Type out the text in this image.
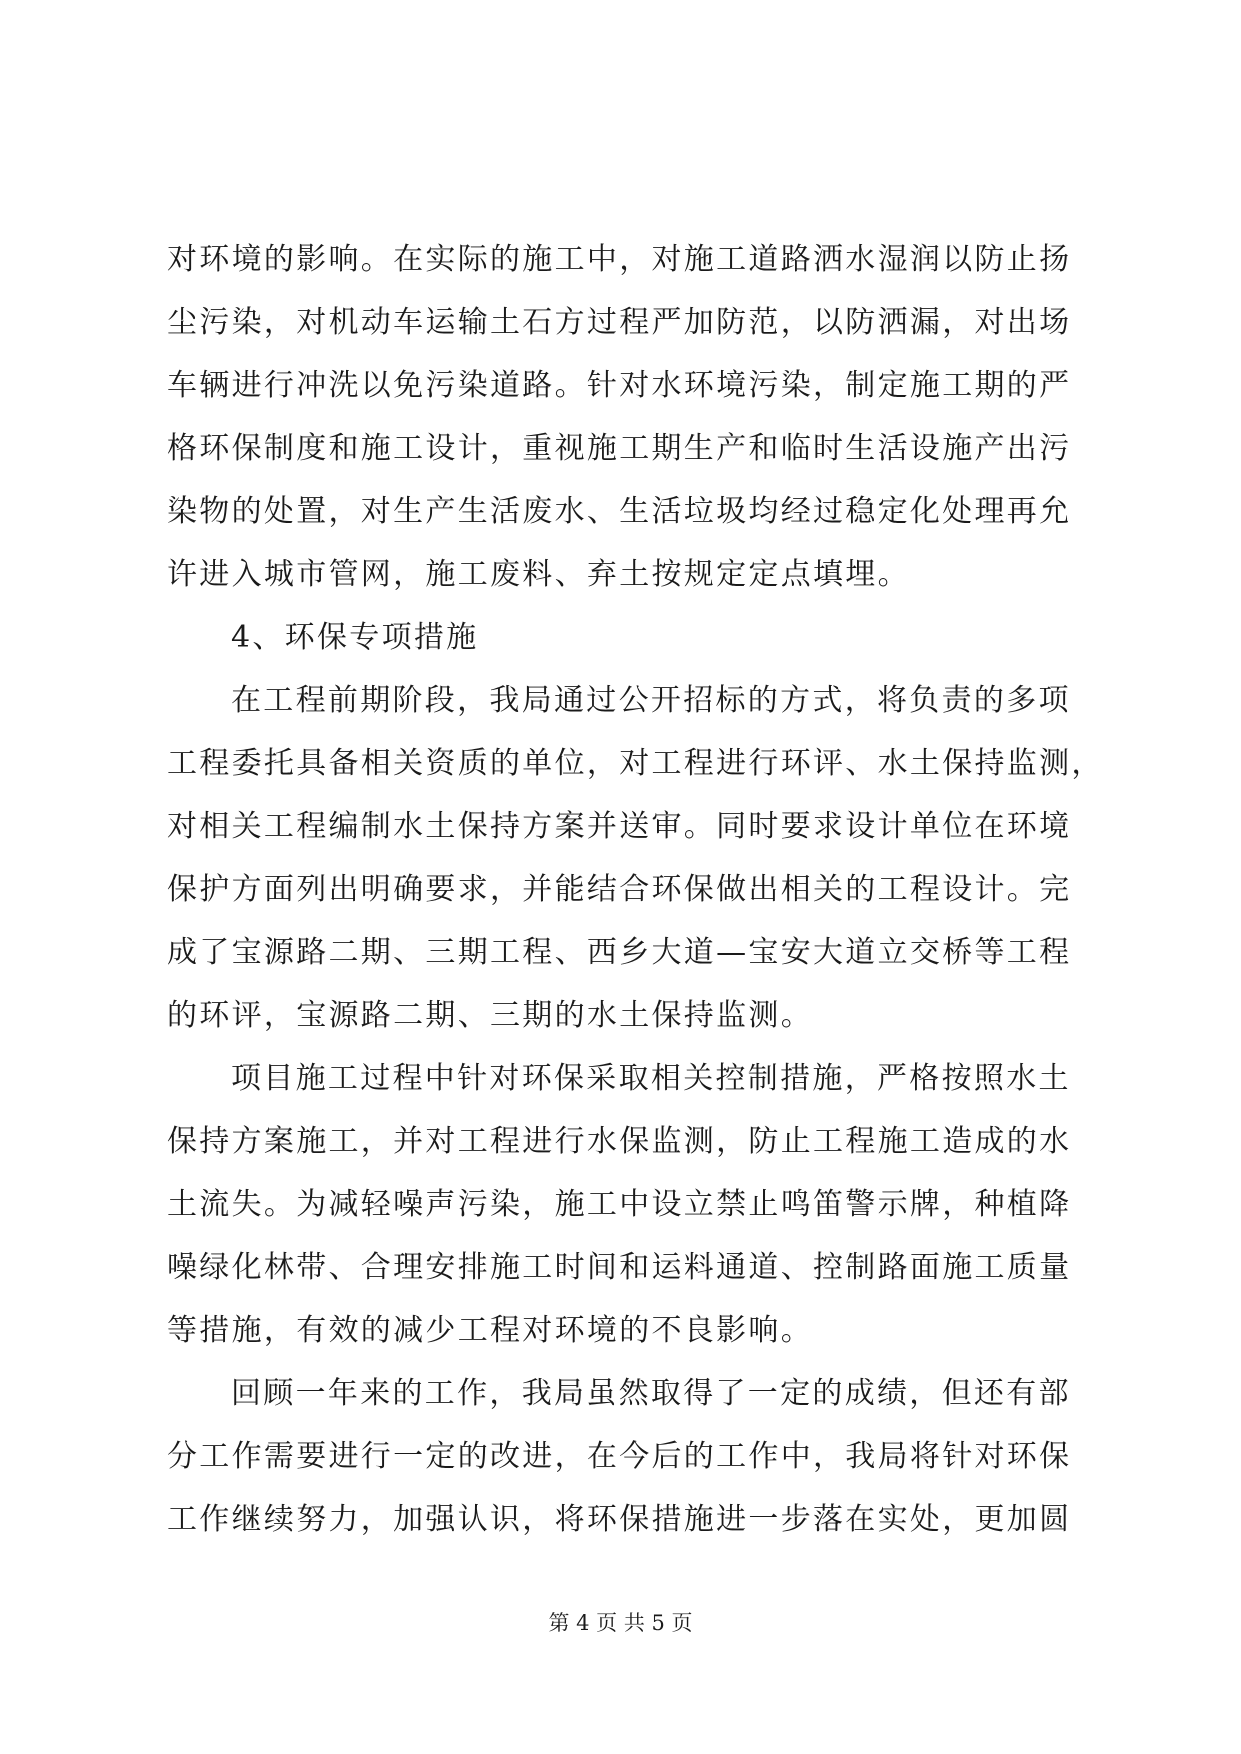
对环境的影响。在实际的施工中，对施工道路洒水湿润以防止扬
尘污染，对机动车运输土石方过程严加防范，以防洒漏，对出场
车辆进行冲洗以免污染道路。针对水环境污染，制定施工期的严
格环保制度和施工设计，重视施工期生产和临时生活设施产出污
染物的处置，对生产生活废水、生活垃圾均经过稳定化处理再允
许进入城市管网，施工废料、弃土按规定定点填埋。
4、环保专项措施
在工程前期阶段，我局通过公开招标的方式，将负责的多项
工程委托具备相关资质的单位，对工程进行环评、水土保持监测，
对相关工程编制水土保持方案并送审。同时要求设计单位在环境
保护方面列出明确要求，并能结合环保做出相关的工程设计。完
成了宝源路二期、三期工程、西乡大道—宝安大道立交桥等工程
的环评，宝源路二期、三期的水土保持监测。
项目施工过程中针对环保采取相关控制措施，严格按照水土
保持方案施工，并对工程进行水保监测，防止工程施工造成的水
土流失。为减轻噪声污染，施工中设立禁止鸣笛警示牌，种植降
噪绿化林带、合理安排施工时间和运料通道、控制路面施工质量
等措施，有效的减少工程对环境的不良影响。
回顾一年来的工作，我局虽然取得了一定的成绩，但还有部
分工作需要进行一定的改进，在今后的工作中，我局将针对环保
工作继续努力，加强认识，将环保措施进一步落在实处，更加圆
第 4 页 共 5 页
